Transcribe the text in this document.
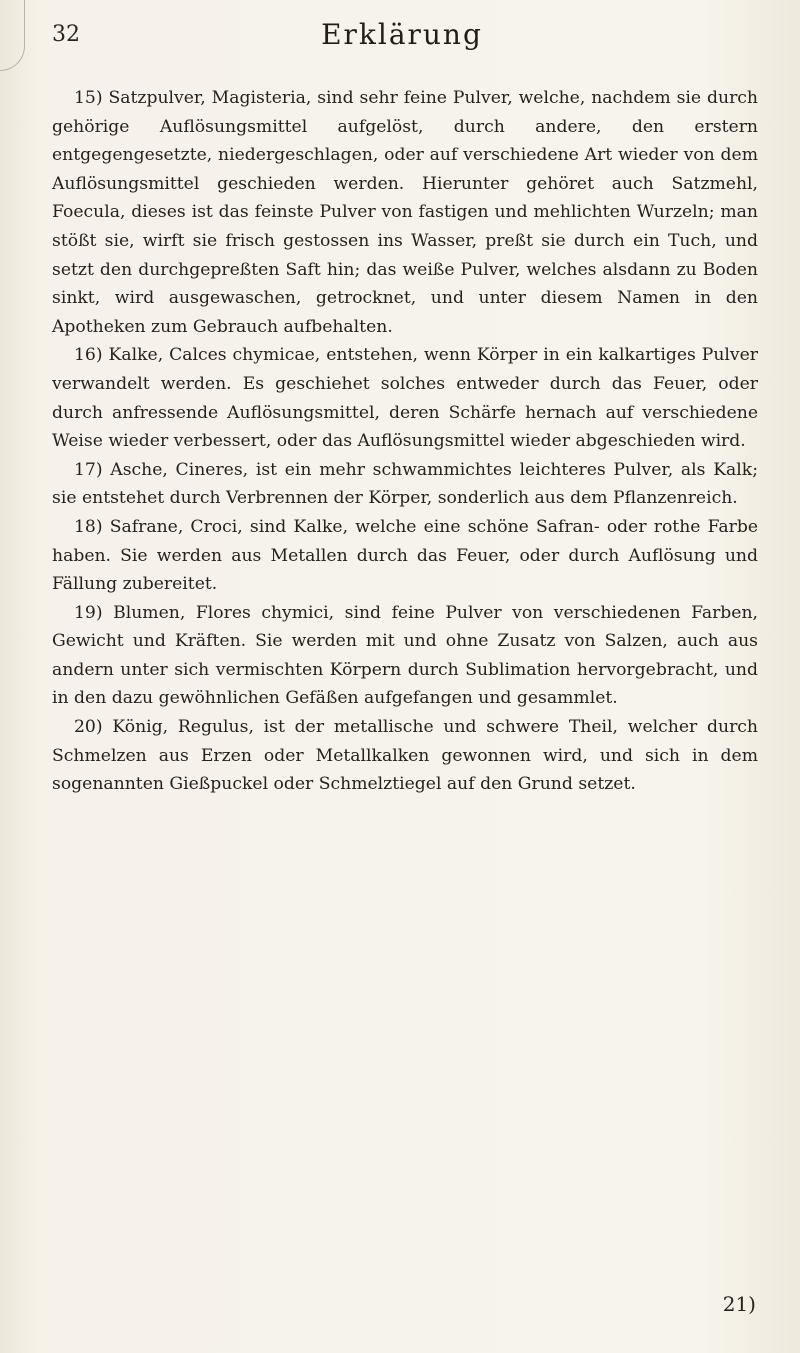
32	Erklärung

15) Satzpulver, Magisteria, sind sehr feine Pulver, welche, nachdem sie durch gehörige Auflösungsmittel aufgelöst, durch andere, den erstern entgegengesetzte, niedergeschlagen, oder auf verschiedene Art wieder von dem Auflösungsmittel geschieden werden. Hierunter gehöret auch Satzmehl, Foecula, dieses ist das feinste Pulver von fastigen und mehlichten Wurzeln; man stößt sie, wirft sie frisch gestossen ins Wasser, preßt sie durch ein Tuch, und setzt den durchgepreßten Saft hin; das weiße Pulver, welches alsdann zu Boden sinkt, wird ausgewaschen, getrocknet, und unter diesem Namen in den Apotheken zum Gebrauch aufbehalten.

16) Kalke, Calces chymicae, entstehen, wenn Körper in ein kalkartiges Pulver verwandelt werden. Es geschiehet solches entweder durch das Feuer, oder durch anfressende Auflösungsmittel, deren Schärfe hernach auf verschiedene Weise wieder verbessert, oder das Auflösungsmittel wieder abgeschieden wird.

17) Asche, Cineres, ist ein mehr schwammichtes leichteres Pulver, als Kalk; sie entstehet durch Verbrennen der Körper, sonderlich aus dem Pflanzenreich.

18) Safrane, Croci, sind Kalke, welche eine schöne Safran- oder rothe Farbe haben. Sie werden aus Metallen durch das Feuer, oder durch Auflösung und Fällung zubereitet.

19) Blumen, Flores chymici, sind feine Pulver von verschiedenen Farben, Gewicht und Kräften. Sie werden mit und ohne Zusatz von Salzen, auch aus andern unter sich vermischten Körpern durch Sublimation hervorgebracht, und in den dazu gewöhnlichen Gefäßen aufgefangen und gesammlet.

20) König, Regulus, ist der metallische und schwere Theil, welcher durch Schmelzen aus Erzen oder Metallkalken gewonnen wird, und sich in dem sogenannten Gießpuckel oder Schmelztiegel auf den Grund setzet.

21)
